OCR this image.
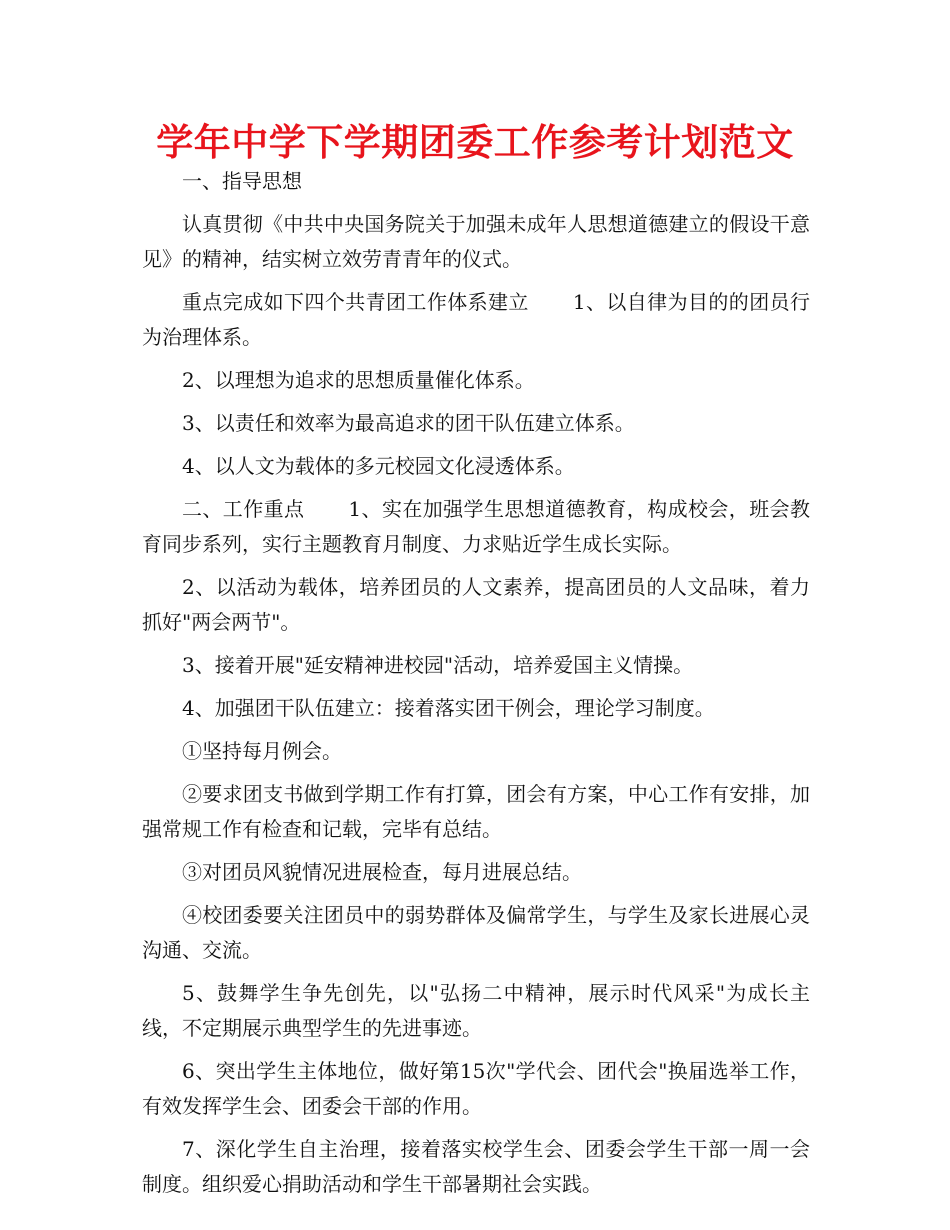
学年中学下学期团委工作参考计划范文

一、指导思想

认真贯彻《中共中央国务院关于加强未成年人思想道德建立的假设干意见》的精神，结实树立效劳青青年的仪式。

重点完成如下四个共青团工作体系建立 1、以自律为目的的团员行为治理体系。

2、以理想为追求的思想质量催化体系。

3、以责任和效率为最高追求的团干队伍建立体系。

4、以人文为载体的多元校园文化浸透体系。

二、工作重点 1、实在加强学生思想道德教育，构成校会，班会教育同步系列，实行主题教育月制度、力求贴近学生成长实际。

2、以活动为载体，培养团员的人文素养，提高团员的人文品味，着力抓好"两会两节"。

3、接着开展"延安精神进校园"活动，培养爱国主义情操。

4、加强团干队伍建立：接着落实团干例会，理论学习制度。

①坚持每月例会。

②要求团支书做到学期工作有打算，团会有方案，中心工作有安排，加强常规工作有检查和记载，完毕有总结。

③对团员风貌情况进展检查，每月进展总结。

④校团委要关注团员中的弱势群体及偏常学生，与学生及家长进展心灵沟通、交流。

5、鼓舞学生争先创先，以"弘扬二中精神，展示时代风采"为成长主线，不定期展示典型学生的先进事迹。

6、突出学生主体地位，做好第15次"学代会、团代会"换届选举工作，有效发挥学生会、团委会干部的作用。

7、深化学生自主治理，接着落实校学生会、团委会学生干部一周一会制度。组织爱心捐助活动和学生干部暑期社会实践。
